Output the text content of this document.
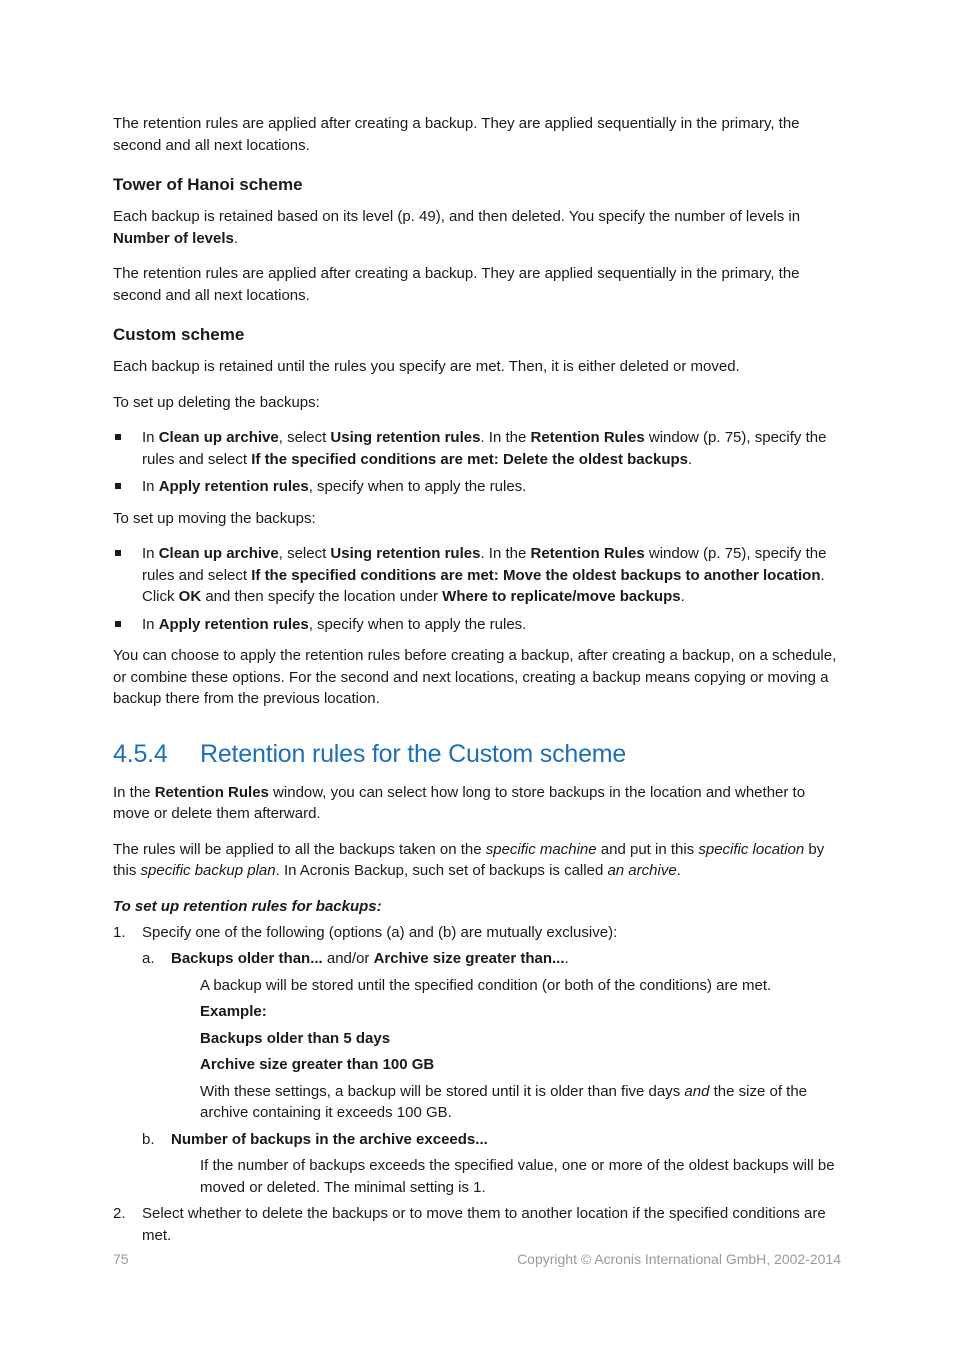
The retention rules are applied after creating a backup. They are applied sequentially in the primary, the second and all next locations.

Tower of Hanoi scheme

Each backup is retained based on its level (p. 49), and then deleted. You specify the number of levels in Number of levels.

The retention rules are applied after creating a backup. They are applied sequentially in the primary, the second and all next locations.

Custom scheme

Each backup is retained until the rules you specify are met. Then, it is either deleted or moved.

To set up deleting the backups:

In Clean up archive, select Using retention rules. In the Retention Rules window (p. 75), specify the rules and select If the specified conditions are met: Delete the oldest backups.
In Apply retention rules, specify when to apply the rules.

To set up moving the backups:

In Clean up archive, select Using retention rules. In the Retention Rules window (p. 75), specify the rules and select If the specified conditions are met: Move the oldest backups to another location. Click OK and then specify the location under Where to replicate/move backups.
In Apply retention rules, specify when to apply the rules.

You can choose to apply the retention rules before creating a backup, after creating a backup, on a schedule, or combine these options. For the second and next locations, creating a backup means copying or moving a backup there from the previous location.

4.5.4 Retention rules for the Custom scheme

In the Retention Rules window, you can select how long to store backups in the location and whether to move or delete them afterward.

The rules will be applied to all the backups taken on the specific machine and put in this specific location by this specific backup plan. In Acronis Backup, such set of backups is called an archive.

To set up retention rules for backups:
1. Specify one of the following (options (a) and (b) are mutually exclusive):
a. Backups older than... and/or Archive size greater than....
A backup will be stored until the specified condition (or both of the conditions) are met.
Example:
Backups older than 5 days
Archive size greater than 100 GB
With these settings, a backup will be stored until it is older than five days and the size of the archive containing it exceeds 100 GB.
b. Number of backups in the archive exceeds...
If the number of backups exceeds the specified value, one or more of the oldest backups will be moved or deleted. The minimal setting is 1.
2. Select whether to delete the backups or to move them to another location if the specified conditions are met.
75	Copyright © Acronis International GmbH, 2002-2014
